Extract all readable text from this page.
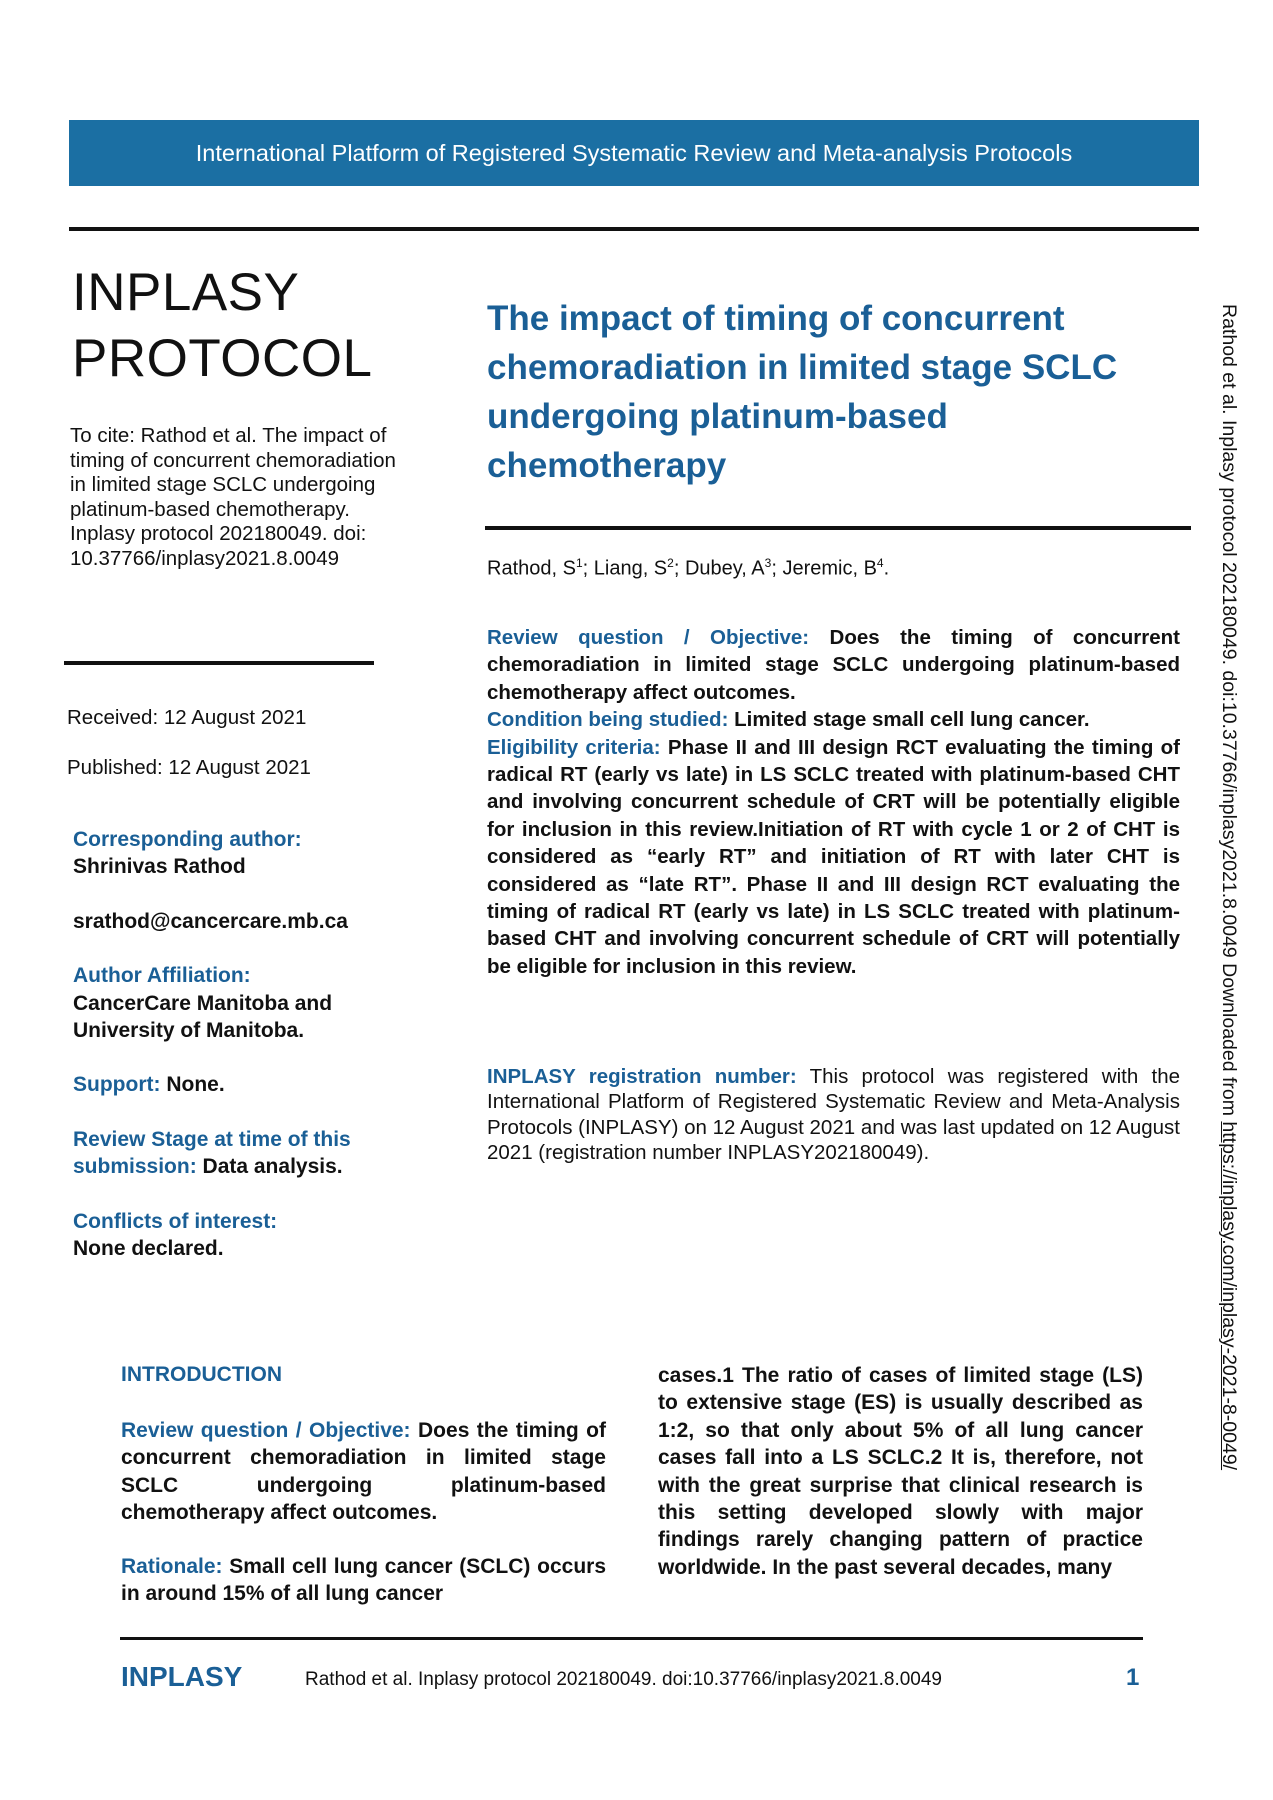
International Platform of Registered Systematic Review and Meta-analysis Protocols
INPLASY
PROTOCOL
To cite: Rathod et al. The impact of timing of concurrent chemoradiation in limited stage SCLC undergoing platinum-based chemotherapy. Inplasy protocol 202180049. doi: 10.37766/inplasy2021.8.0049
Received: 12 August 2021
Published: 12 August 2021
Corresponding author:
Shrinivas Rathod
srathod@cancercare.mb.ca
Author Affiliation:
CancerCare Manitoba and University of Manitoba.
Support: None.
Review Stage at time of this submission: Data analysis.
Conflicts of interest:
None declared.
The impact of timing of concurrent chemoradiation in limited stage SCLC undergoing platinum-based chemotherapy
Rathod, $S^1$; Liang, $S^2$; Dubey, $A^3$; Jeremic, $B^4$.

Review question / Objective: Does the timing of concurrent chemoradiation in limited stage SCLC undergoing platinum-based chemotherapy affect outcomes.

Condition being studied: Limited stage small cell lung cancer.

Eligibility criteria: Phase II and III design RCT evaluating the timing of radical RT (early vs late) in LS SCLC treated with platinum-based CHT and involving concurrent schedule of CRT will be potentially eligible for inclusion in this review.Initiation of RT with cycle 1 or 2 of CHT is considered as “early RT” and initiation of RT with later CHT is considered as “late RT”. Phase II and III design RCT evaluating the timing of radical RT (early vs late) in LS SCLC treated with platinum-based CHT and involving concurrent schedule of CRT will potentially be eligible for inclusion in this review.

INPLASY registration number: This protocol was registered with the International Platform of Registered Systematic Review and Meta-Analysis Protocols (INPLASY) on 12 August 2021 and was last updated on 12 August 2021 (registration number INPLASY202180049).
INTRODUCTION

Review question / Objective: Does the timing of concurrent chemoradiation in limited stage SCLC undergoing platinum-based chemotherapy affect outcomes.

Rationale: Small cell lung cancer (SCLC) occurs in around 15% of all lung cancer

cases.1 The ratio of cases of limited stage (LS) to extensive stage (ES) is usually described as 1:2, so that only about 5% of all lung cancer cases fall into a LS SCLC.2 It is, therefore, not with the great surprise that clinical research is this setting developed slowly with major findings rarely changing pattern of practice worldwide. In the past several decades, many
INPLASY	Rathod et al. Inplasy protocol 202180049. doi:10.37766/inplasy2021.8.0049	1
Rathod et al. Inplasy protocol 202180049. doi:10.37766/inplasy2021.8.0049 Downloaded from https://inplasy.com/inplasy-2021-8-0049/
